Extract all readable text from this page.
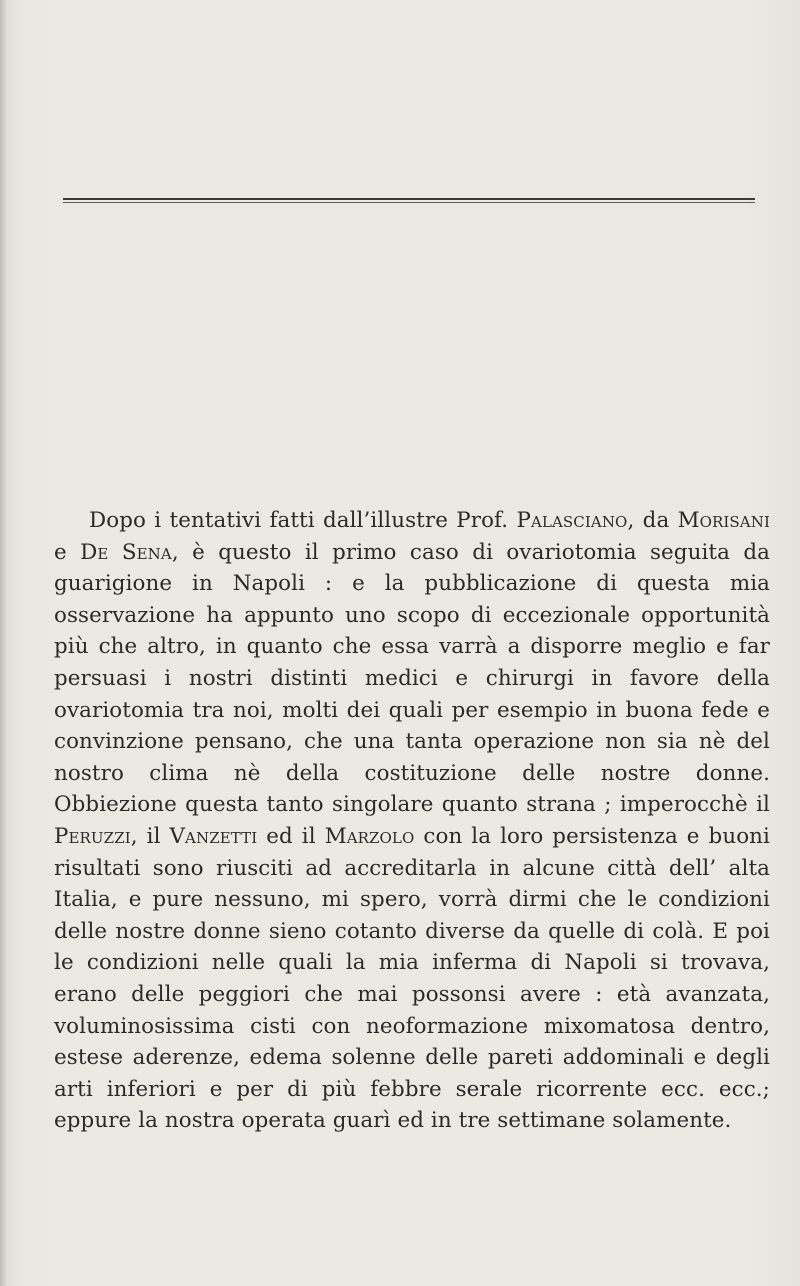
Dopo i tentativi fatti dall’illustre Prof. Palasciano, da Morisani e De Sena, è questo il primo caso di ovariotomia seguita da guarigione in Napoli : e la pubblicazione di questa mia osservazione ha appunto uno scopo di eccezionale opportunità più che altro, in quanto che essa varrà a disporre meglio e far persuasi i nostri distinti medici e chirurgi in favore della ovariotomia tra noi, molti dei quali per esempio in buona fede e convinzione pensano, che una tanta operazione non sia nè del nostro clima nè della costituzione delle nostre donne. Obbiezione questa tanto singolare quanto strana ; imperocchè il Peruzzi, il Vanzetti ed il Marzolo con la loro persistenza e buoni risultati sono riusciti ad accreditarla in alcune città dell’ alta Italia, e pure nessuno, mi spero, vorrà dirmi che le condizioni delle nostre donne sieno cotanto diverse da quelle di colà. E poi le condizioni nelle quali la mia inferma di Napoli si trovava, erano delle peggiori che mai possonsi avere : età avanzata, voluminosissima cisti con neoformazione mixomatosa dentro, estese aderenze, edema solenne delle pareti addominali e degli arti inferiori e per di più febbre serale ricorrente ecc. ecc.; eppure la nostra operata guarì ed in tre settimane solamente.
